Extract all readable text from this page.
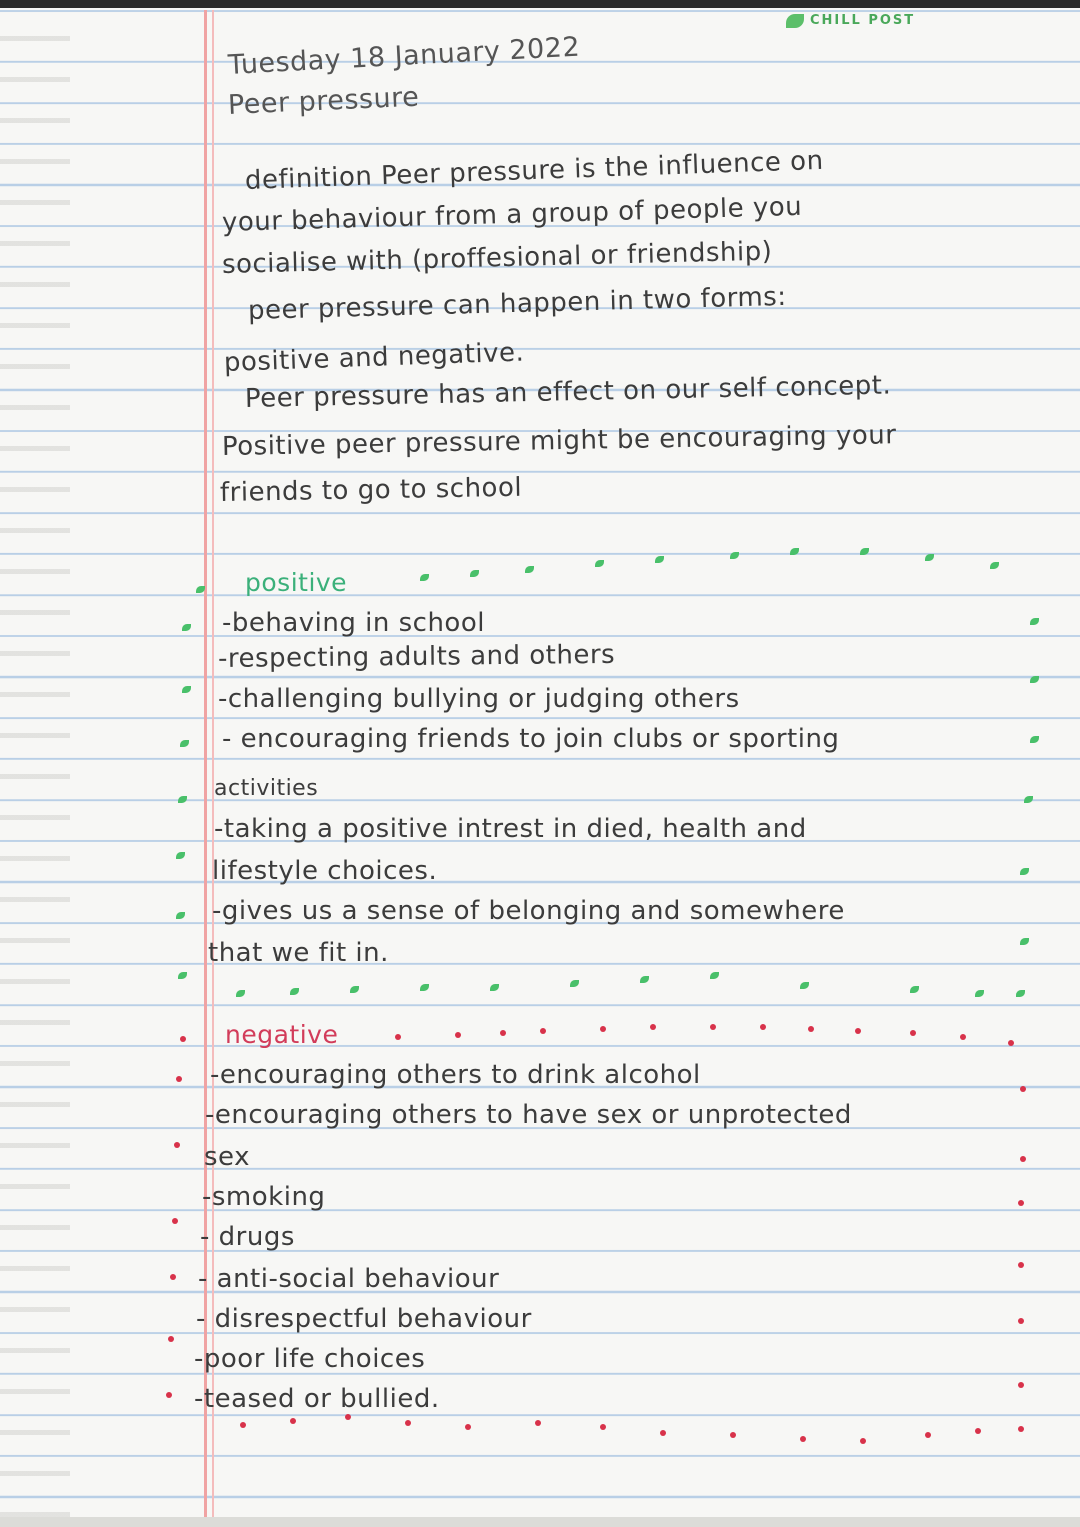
CHILL POST
Tuesday 18 January 2022
Peer pressure
definition Peer pressure is the influence on
your behaviour from a group of people you
socialise with (proffesional or friendship)
peer pressure can happen in two forms:
positive and negative.
Peer pressure has an effect on our self concept.
Positive peer pressure might be encouraging your
friends to go to school
positive
-behaving in school
-respecting adults and others
-challenging bullying or judging others
- encouraging friends to join clubs or sporting
activities
-taking a positive intrest in died, health and
lifestyle choices.
-gives us a sense of belonging and somewhere
that we fit in.
negative
-encouraging others to drink alcohol
-encouraging others to have sex or unprotected
sex
-smoking
- drugs
- anti-social behaviour
- disrespectful behaviour
-poor life choices
-teased or bullied.
